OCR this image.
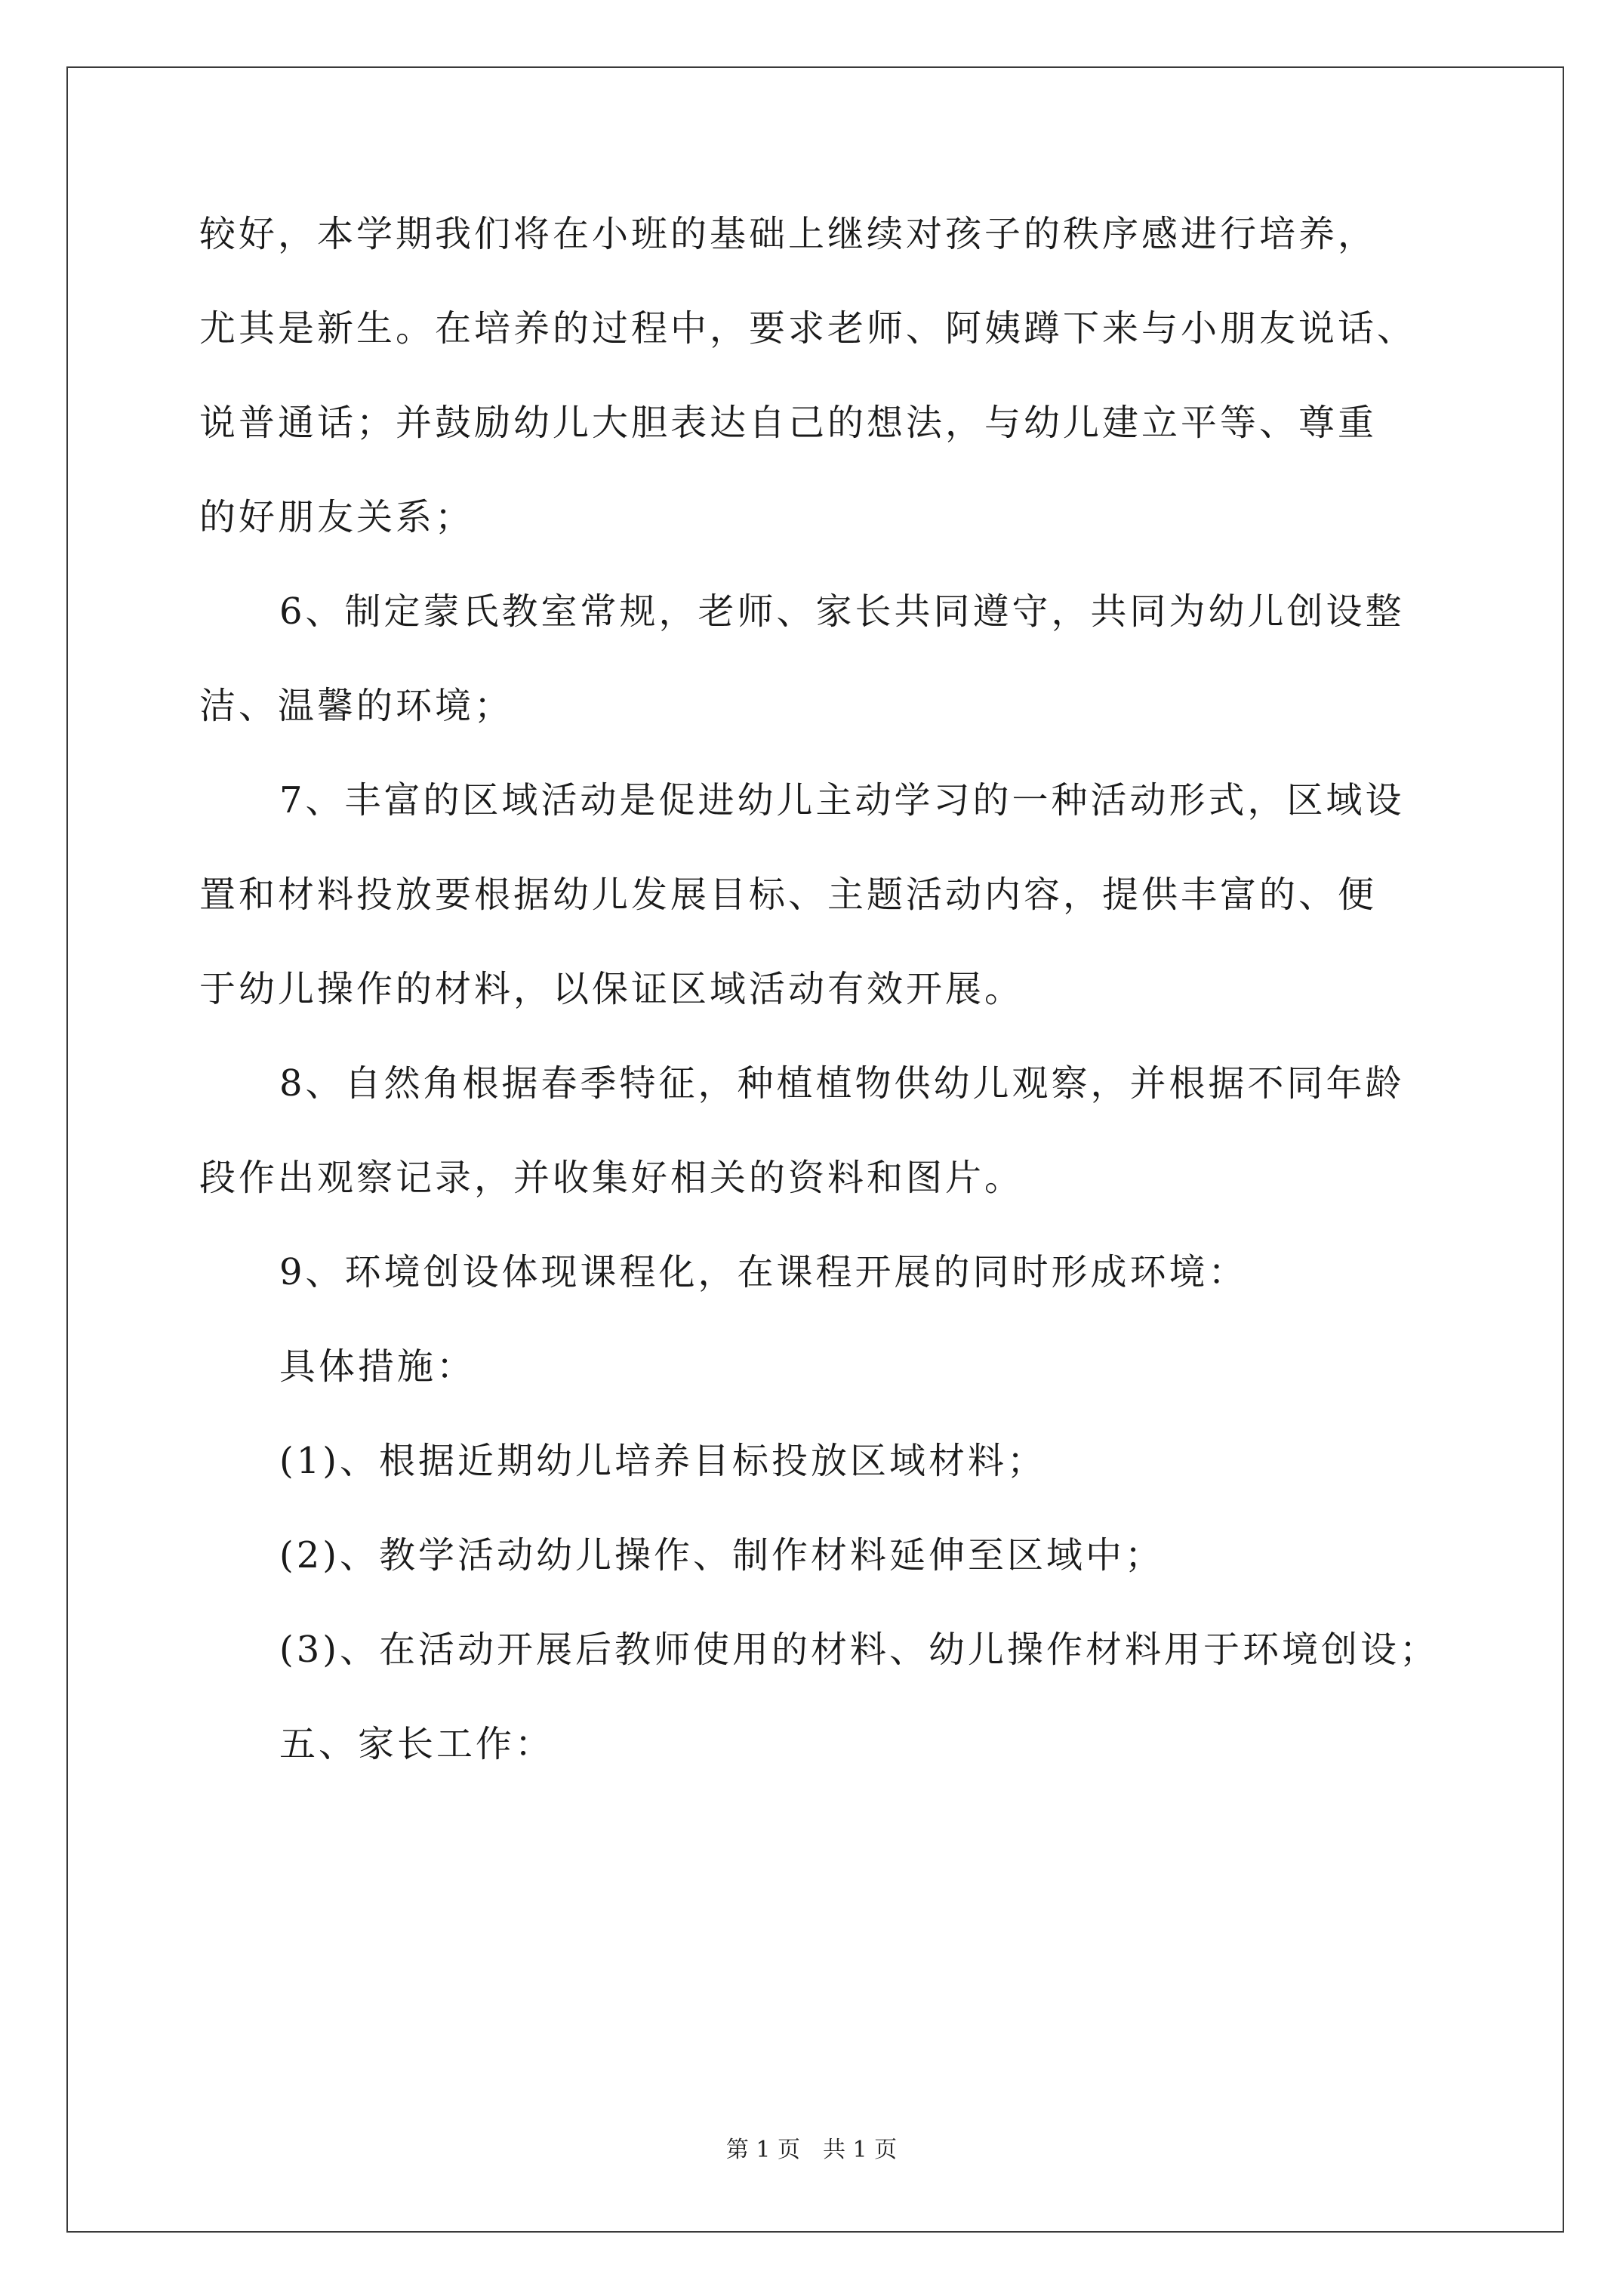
较好，本学期我们将在小班的基础上继续对孩子的秩序感进行培养，
尤其是新生。在培养的过程中，要求老师、阿姨蹲下来与小朋友说话、
说普通话；并鼓励幼儿大胆表达自己的想法，与幼儿建立平等、尊重
的好朋友关系；
6、制定蒙氏教室常规，老师、家长共同遵守，共同为幼儿创设整
洁、温馨的环境；
7、丰富的区域活动是促进幼儿主动学习的一种活动形式，区域设
置和材料投放要根据幼儿发展目标、主题活动内容，提供丰富的、便
于幼儿操作的材料，以保证区域活动有效开展。
8、自然角根据春季特征，种植植物供幼儿观察，并根据不同年龄
段作出观察记录，并收集好相关的资料和图片。
9、环境创设体现课程化，在课程开展的同时形成环境：
具体措施：
(1)、根据近期幼儿培养目标投放区域材料；
(2)、教学活动幼儿操作、制作材料延伸至区域中；
(3)、在活动开展后教师使用的材料、幼儿操作材料用于环境创设；
五、家长工作：
第 1 页　共 1 页
